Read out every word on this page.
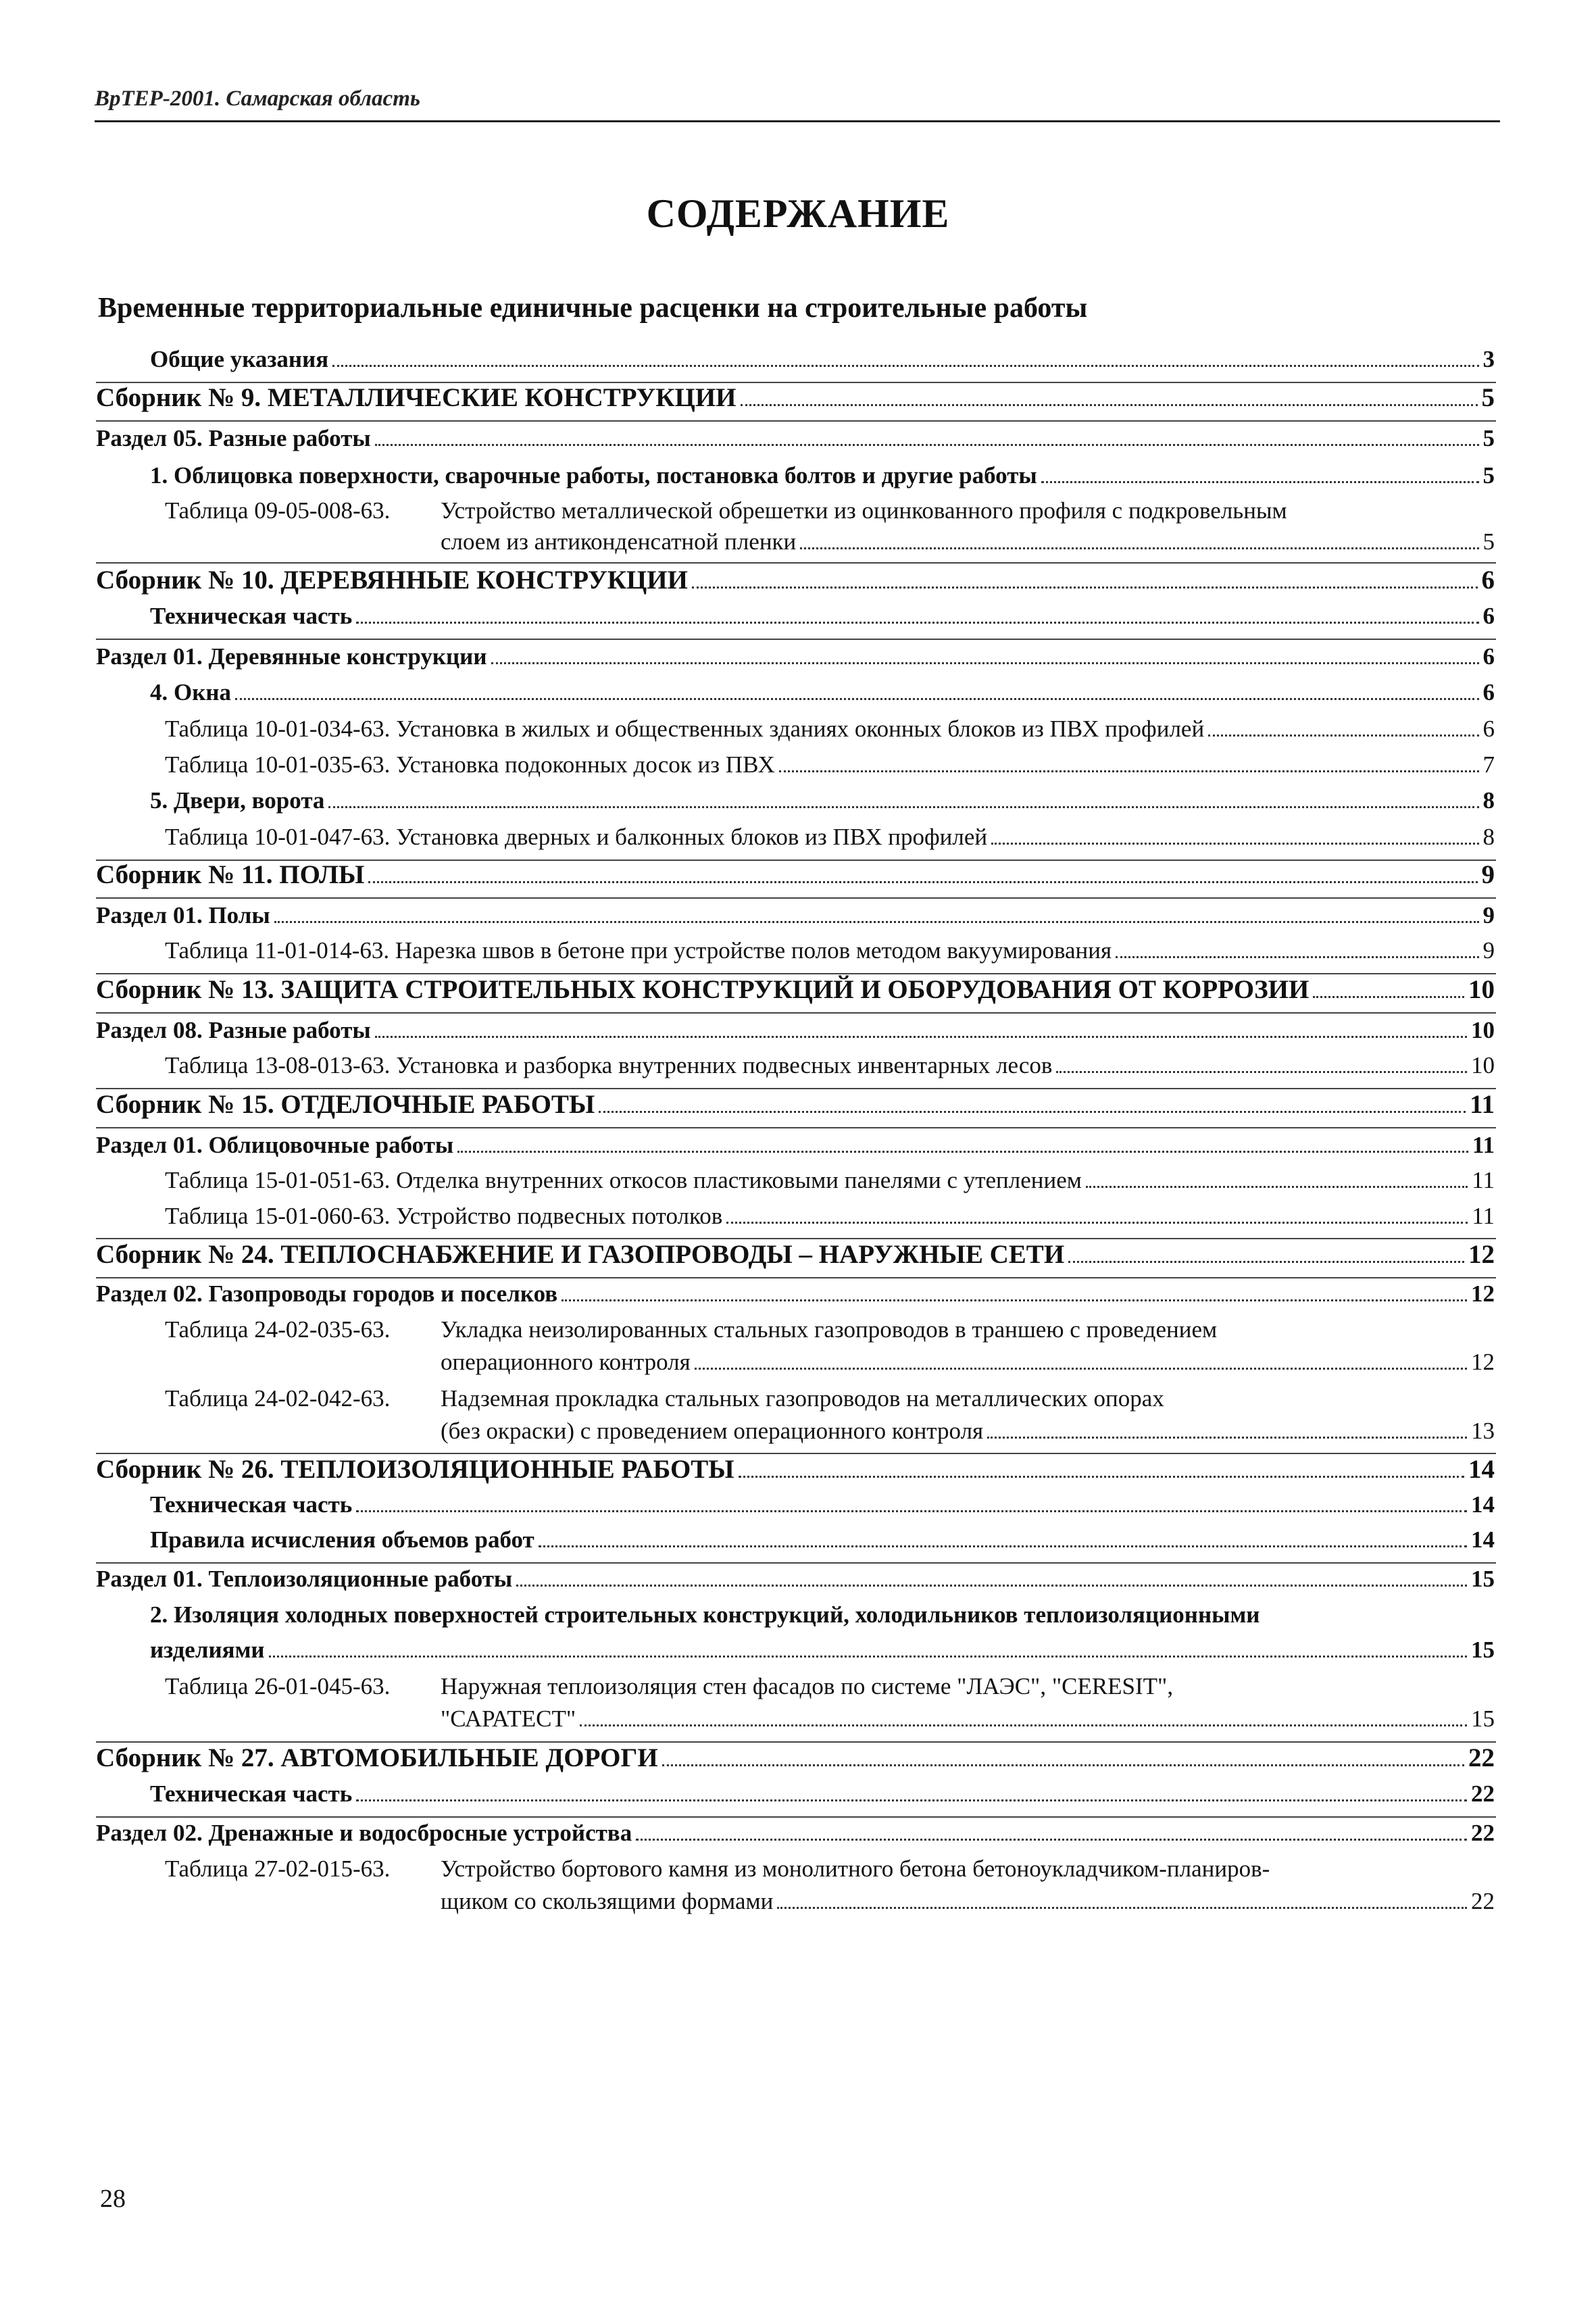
ВрТЕР-2001. Самарская область
СОДЕРЖАНИЕ
Временные территориальные единичные расценки на строительные работы
Общие указания	3
Сборник № 9. МЕТАЛЛИЧЕСКИЕ КОНСТРУКЦИИ	5
Раздел 05. Разные работы	5
1. Облицовка поверхности, сварочные работы, постановка болтов и другие работы	5
Таблица 09-05-008-63. Устройство металлической обрешетки из оцинкованного профиля с подкровельным
слоем из антиконденсатной пленки	5
Сборник № 10. ДЕРЕВЯННЫЕ КОНСТРУКЦИИ	6
Техническая часть	6
Раздел 01. Деревянные конструкции	6
4. Окна	6
Таблица 10-01-034-63. Установка в жилых и общественных зданиях оконных блоков из ПВХ профилей	6
Таблица 10-01-035-63. Установка подоконных досок из ПВХ	7
5. Двери, ворота	8
Таблица 10-01-047-63. Установка дверных и балконных блоков из ПВХ профилей	8
Сборник № 11. ПОЛЫ	9
Раздел 01. Полы	9
Таблица 11-01-014-63. Нарезка швов в бетоне при устройстве полов методом вакуумирования	9
Сборник № 13. ЗАЩИТА СТРОИТЕЛЬНЫХ КОНСТРУКЦИЙ И ОБОРУДОВАНИЯ ОТ КОРРОЗИИ	10
Раздел 08. Разные работы	10
Таблица 13-08-013-63. Установка и разборка внутренних подвесных инвентарных лесов	10
Сборник № 15. ОТДЕЛОЧНЫЕ РАБОТЫ	11
Раздел 01. Облицовочные работы	11
Таблица 15-01-051-63. Отделка внутренних откосов пластиковыми панелями с утеплением	11
Таблица 15-01-060-63. Устройство подвесных потолков	11
Сборник № 24. ТЕПЛОСНАБЖЕНИЕ И ГАЗОПРОВОДЫ – НАРУЖНЫЕ СЕТИ	12
Раздел 02. Газопроводы городов и поселков	12
Таблица 24-02-035-63. Укладка неизолированных стальных газопроводов в траншею с проведением
операционного контроля	12
Таблица 24-02-042-63. Надземная прокладка стальных газопроводов на металлических опорах
(без окраски) с проведением операционного контроля	13
Сборник № 26. ТЕПЛОИЗОЛЯЦИОННЫЕ РАБОТЫ	14
Техническая часть	14
Правила исчисления объемов работ	14
Раздел 01. Теплоизоляционные работы	15
2. Изоляция холодных поверхностей строительных конструкций, холодильников теплоизоляционными
изделиями	15
Таблица 26-01-045-63. Наружная теплоизоляция стен фасадов по системе "ЛАЭС", "CERESIT",
"САРАТЕСТ"	15
Сборник № 27. АВТОМОБИЛЬНЫЕ ДОРОГИ	22
Техническая часть	22
Раздел 02. Дренажные и водосбросные устройства	22
Таблица 27-02-015-63. Устройство бортового камня из монолитного бетона бетоноукладчиком-планиров-
щиком со скользящими формами	22
28
